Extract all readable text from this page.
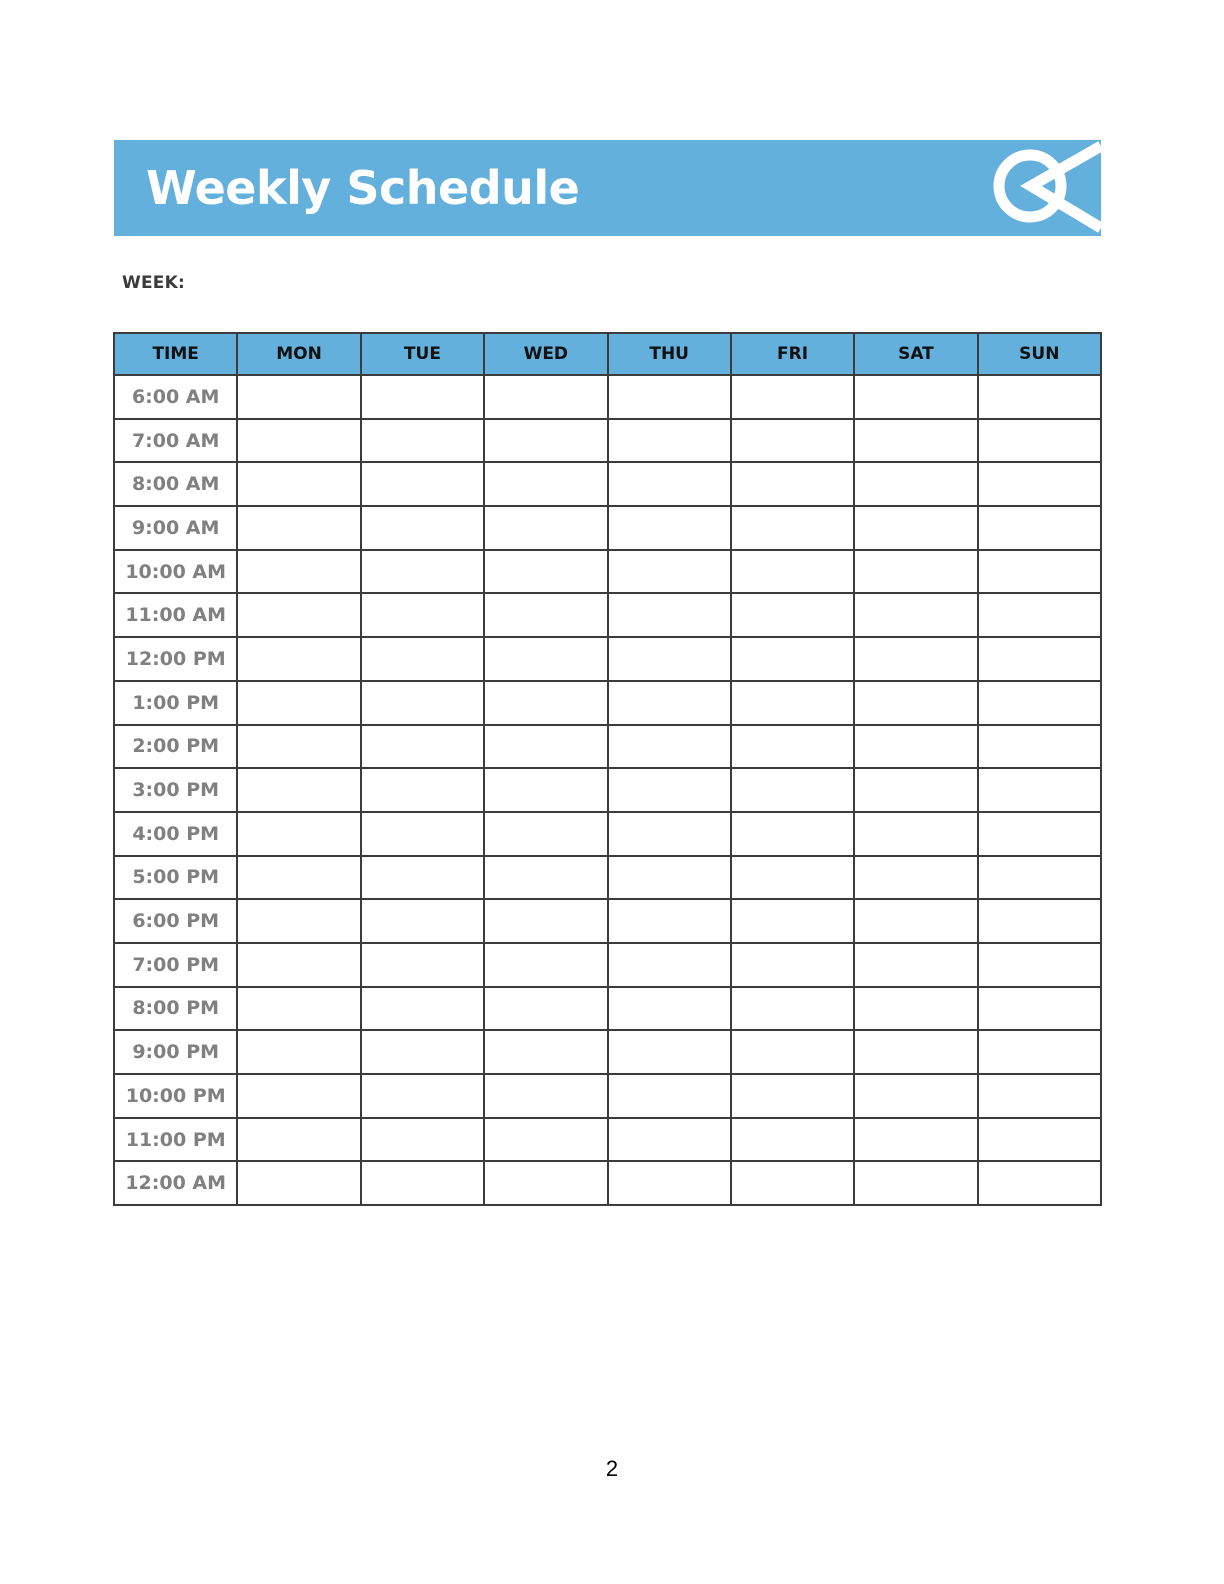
Weekly Schedule
WEEK:
TIME	MON	TUE	WED	THU	FRI	SAT	SUN
6:00 AM							
7:00 AM							
8:00 AM							
9:00 AM							
10:00 AM							
11:00 AM							
12:00 PM							
1:00 PM							
2:00 PM							
3:00 PM							
4:00 PM							
5:00 PM							
6:00 PM							
7:00 PM							
8:00 PM							
9:00 PM							
10:00 PM							
11:00 PM							
12:00 AM							
2
